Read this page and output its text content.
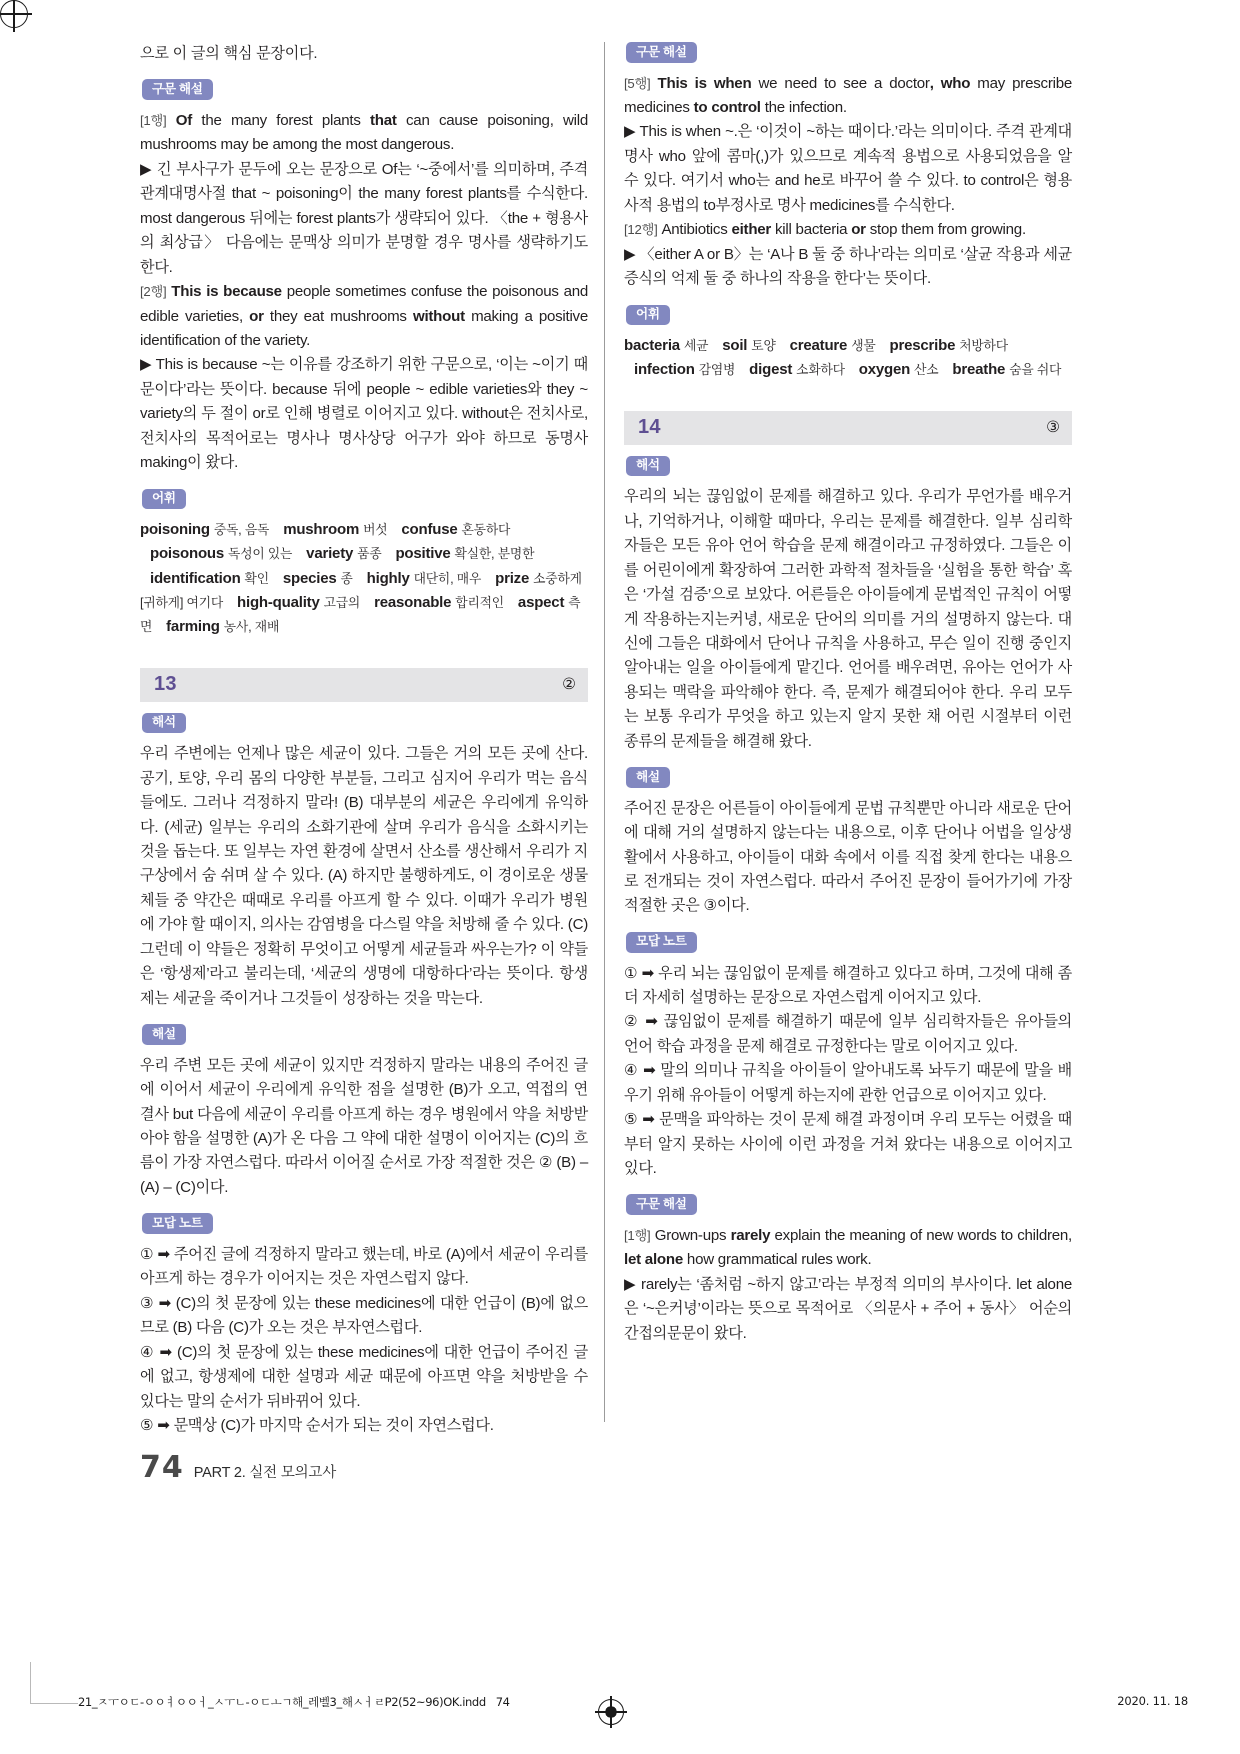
으로 이 글의 핵심 문장이다.

구문 해설

[1행] Of the many forest plants that can cause poisoning, wild mushrooms may be among the most dangerous.

▶ 긴 부사구가 문두에 오는 문장으로 Of는 ‘~중에서’를 의미하며, 주격 관계대명사절 that ~ poisoning이 the many forest plants를 수식한다. most dangerous 뒤에는 forest plants가 생략되어 있다. 〈the + 형용사의 최상급〉 다음에는 문맥상 의미가 분명할 경우 명사를 생략하기도 한다.

[2행] This is because people sometimes confuse the poisonous and edible varieties, or they eat mushrooms without making a positive identification of the variety.

▶ This is because ~는 이유를 강조하기 위한 구문으로, ‘이는 ~이기 때문이다’라는 뜻이다. because 뒤에 people ~ edible varieties와 they ~ variety의 두 절이 or로 인해 병렬로 이어지고 있다. without은 전치사로, 전치사의 목적어로는 명사나 명사상당 어구가 와야 하므로 동명사 making이 왔다.

어휘
poisoning 중독, 음독 mushroom 버섯 confuse 혼동하다 poisonous 독성이 있는 variety 품종 positive 확실한, 분명한 identification 확인 species 종 highly 대단히, 매우 prize 소중하게[귀하게] 여기다 high-quality 고급의 reasonable 합리적인 aspect 측면 farming 농사, 재배
13	②
해석

우리 주변에는 언제나 많은 세균이 있다. 그들은 거의 모든 곳에 산다. 공기, 토양, 우리 몸의 다양한 부분들, 그리고 심지어 우리가 먹는 음식들에도. 그러나 걱정하지 말라! (B) 대부분의 세균은 우리에게 유익하다. (세균) 일부는 우리의 소화기관에 살며 우리가 음식을 소화시키는 것을 돕는다. 또 일부는 자연 환경에 살면서 산소를 생산해서 우리가 지구상에서 숨 쉬며 살 수 있다. (A) 하지만 불행하게도, 이 경이로운 생물체들 중 약간은 때때로 우리를 아프게 할 수 있다. 이때가 우리가 병원에 가야 할 때이지, 의사는 감염병을 다스릴 약을 처방해 줄 수 있다. (C) 그런데 이 약들은 정확히 무엇이고 어떻게 세균들과 싸우는가? 이 약들은 ‘항생제’라고 불리는데, ‘세균의 생명에 대항하다’라는 뜻이다. 항생제는 세균을 죽이거나 그것들이 성장하는 것을 막는다.

해설

우리 주변 모든 곳에 세균이 있지만 걱정하지 말라는 내용의 주어진 글에 이어서 세균이 우리에게 유익한 점을 설명한 (B)가 오고, 역접의 연결사 but 다음에 세균이 우리를 아프게 하는 경우 병원에서 약을 처방받아야 함을 설명한 (A)가 온 다음 그 약에 대한 설명이 이어지는 (C)의 흐름이 가장 자연스럽다. 따라서 이어질 순서로 가장 적절한 것은 ② (B) – (A) – (C)이다.

모답 노트

① ➡ 주어진 글에 걱정하지 말라고 했는데, 바로 (A)에서 세균이 우리를 아프게 하는 경우가 이어지는 것은 자연스럽지 않다.

③ ➡ (C)의 첫 문장에 있는 these medicines에 대한 언급이 (B)에 없으므로 (B) 다음 (C)가 오는 것은 부자연스럽다.

④ ➡ (C)의 첫 문장에 있는 these medicines에 대한 언급이 주어진 글에 없고, 항생제에 대한 설명과 세균 때문에 아프면 약을 처방받을 수 있다는 말의 순서가 뒤바뀌어 있다.

⑤ ➡ 문맥상 (C)가 마지막 순서가 되는 것이 자연스럽다.

구문 해설

[5행] This is when we need to see a doctor, who may prescribe medicines to control the infection.

▶ This is when ~.은 ‘이것이 ~하는 때이다.’라는 의미이다. 주격 관계대명사 who 앞에 콤마(,)가 있으므로 계속적 용법으로 사용되었음을 알 수 있다. 여기서 who는 and he로 바꾸어 쓸 수 있다. to control은 형용사적 용법의 to부정사로 명사 medicines를 수식한다.

[12행] Antibiotics either kill bacteria or stop them from growing.

▶ 〈either A or B〉는 ‘A나 B 둘 중 하나’라는 의미로 ‘살균 작용과 세균 증식의 억제 둘 중 하나의 작용을 한다’는 뜻이다.

어휘
bacteria 세균 soil 토양 creature 생물 prescribe 처방하다 infection 감염병 digest 소화하다 oxygen 산소 breathe 숨을 쉬다
14	③
해석

우리의 뇌는 끊임없이 문제를 해결하고 있다. 우리가 무언가를 배우거나, 기억하거나, 이해할 때마다, 우리는 문제를 해결한다. 일부 심리학자들은 모든 유아 언어 학습을 문제 해결이라고 규정하였다. 그들은 이를 어린이에게 확장하여 그러한 과학적 절차들을 ‘실험을 통한 학습’ 혹은 ‘가설 검증’으로 보았다. 어른들은 아이들에게 문법적인 규칙이 어떻게 작용하는지는커녕, 새로운 단어의 의미를 거의 설명하지 않는다. 대신에 그들은 대화에서 단어나 규칙을 사용하고, 무슨 일이 진행 중인지 알아내는 일을 아이들에게 맡긴다. 언어를 배우려면, 유아는 언어가 사용되는 맥락을 파악해야 한다. 즉, 문제가 해결되어야 한다. 우리 모두는 보통 우리가 무엇을 하고 있는지 알지 못한 채 어린 시절부터 이런 종류의 문제들을 해결해 왔다.

해설

주어진 문장은 어른들이 아이들에게 문법 규칙뿐만 아니라 새로운 단어에 대해 거의 설명하지 않는다는 내용으로, 이후 단어나 어법을 일상생활에서 사용하고, 아이들이 대화 속에서 이를 직접 찾게 한다는 내용으로 전개되는 것이 자연스럽다. 따라서 주어진 문장이 들어가기에 가장 적절한 곳은 ③이다.

모답 노트

① ➡ 우리 뇌는 끊임없이 문제를 해결하고 있다고 하며, 그것에 대해 좀 더 자세히 설명하는 문장으로 자연스럽게 이어지고 있다.

② ➡ 끊임없이 문제를 해결하기 때문에 일부 심리학자들은 유아들의 언어 학습 과정을 문제 해결로 규정한다는 말로 이어지고 있다.

④ ➡ 말의 의미나 규칙을 아이들이 알아내도록 놔두기 때문에 말을 배우기 위해 유아들이 어떻게 하는지에 관한 언급으로 이어지고 있다.

⑤ ➡ 문맥을 파악하는 것이 문제 해결 과정이며 우리 모두는 어렸을 때부터 알지 못하는 사이에 이런 과정을 거쳐 왔다는 내용으로 이어지고 있다.

구문 해설

[1행] Grown-ups rarely explain the meaning of new words to children, let alone how grammatical rules work.

▶ rarely는 ‘좀처럼 ~하지 않고’라는 부정적 의미의 부사이다. let alone은 ‘~은커녕’이라는 뜻으로 목적어로 〈의문사 + 주어 + 동사〉 어순의 간접의문문이 왔다.

74 PART 2. 실전 모의고사
21_ㅈㅜㅇㄷ-ㅇㅇㅕㅇㅇㅓ_ㅅㅜㄴ-ㅇㄷㅗㄱ해_레벨3_해ㅅㅓㄹP2(52~96)OK.indd 74	2020. 11. 18
